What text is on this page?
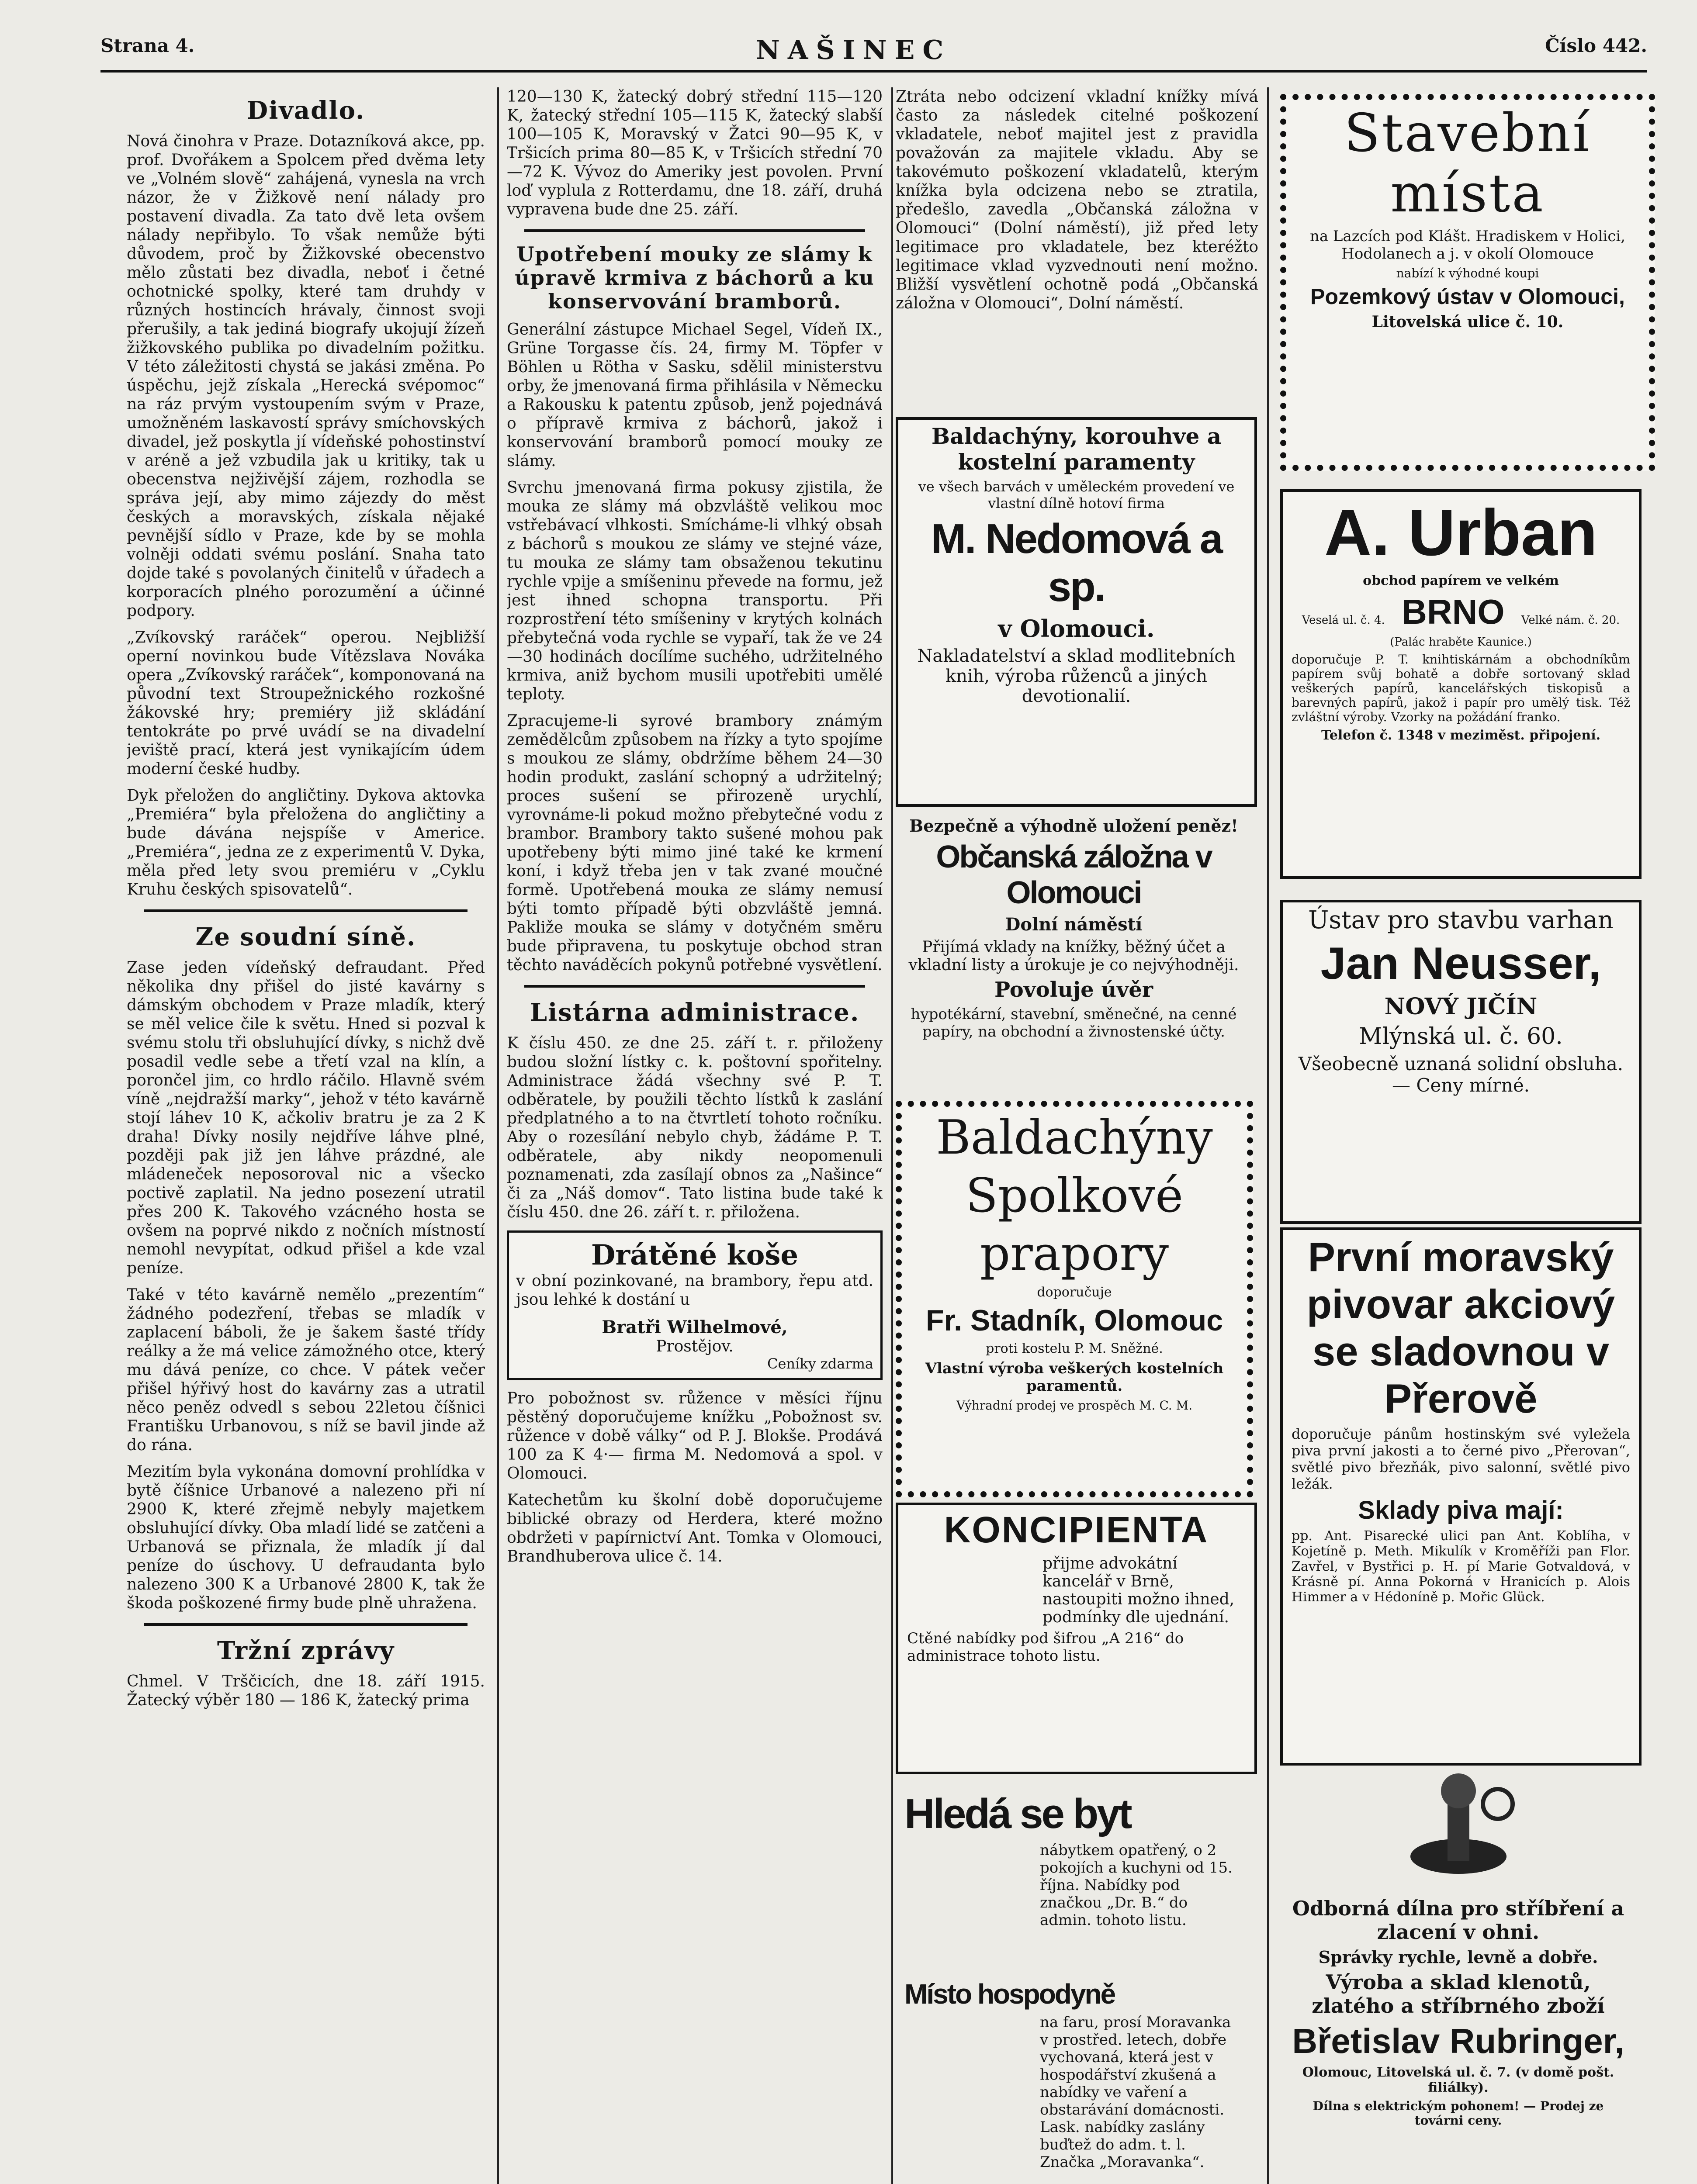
Strana 4.	NAŠINEC	Číslo 442.
Divadlo.

Nová činohra v Praze. Dotazníková akce, pp. prof. Dvořákem a Spolcem před dvěma lety ve „Volném slově“ zahájená, vynesla na vrch názor, že v Žižkově není nálady pro postavení divadla. Za tato dvě leta ovšem nálady nepřibylo. To však nemůže býti důvodem, proč by Žižkovské obecenstvo mělo zůstati bez divadla, neboť i četné ochotnické spolky, které tam druhdy v různých hostincích hrávaly, činnost svoji přerušily, a tak jediná biografy ukojují žízeň žižkovského publika po divadelním požitku. V této záležitosti chystá se jakási změna. Po úspěchu, jejž získala „Herecká svépomoc“ na ráz prvým vystoupením svým v Praze, umožněném laskavostí správy smíchovských divadel, jež poskytla jí vídeňské pohostinství v aréně a jež vzbudila jak u kritiky, tak u obecenstva nejživější zájem, rozhodla se správa její, aby mimo zájezdy do měst českých a moravských, získala nějaké pevnější sídlo v Praze, kde by se mohla volněji oddati svému poslání. Snaha tato dojde také s povolaných činitelů v úřadech a korporacích plného porozumění a účinné podpory.

„Zvíkovský raráček“ operou. Nejbližší operní novinkou bude Vítězslava Nováka opera „Zvíkovský raráček“, komponovaná na původní text Stroupežnického rozkošné žákovské hry; premiéry již skládání tentokráte po prvé uvádí se na divadelní jeviště prací, která jest vynikajícím údem moderní české hudby.

Dyk přeložen do angličtiny. Dykova aktovka „Premiéra“ byla přeložena do angličtiny a bude dávána nejspíše v Americe. „Premiéra“, jedna ze z experimentů V. Dyka, měla před lety svou premiéru v „Cyklu Kruhu českých spisovatelů“.

Ze soudní síně.

Zase jeden vídeňský defraudant. Před několika dny přišel do jisté kavárny s dámským obchodem v Praze mladík, který se měl velice čile k světu. Hned si pozval k svému stolu tři obsluhující dívky, s nichž dvě posadil vedle sebe a třetí vzal na klín, a porončel jim, co hrdlo ráčilo. Hlavně svém víně „nejdražší marky“, jehož v této kavárně stojí láhev 10 K, ačkoliv bratru je za 2 K draha! Dívky nosily nejdříve láhve plné, později pak již jen láhve prázdné, ale mládeneček neposoroval nic a všecko poctivě zaplatil. Na jedno posezení utratil přes 200 K. Takového vzácného hosta se ovšem na poprvé nikdo z nočních místností nemohl nevypítat, odkud přišel a kde vzal peníze.

Také v této kavárně nemělo „prezentím“ žádného podezření, třebas se mladík v zaplacení báboli, že je šakem šasté třídy reálky a že má velice zámožného otce, který mu dává peníze, co chce. V pátek večer přišel hýřivý host do kavárny zas a utratil něco peněz odvedl s sebou 22letou číšnici Františku Urbanovou, s níž se bavil jinde až do rána.

Mezitím byla vykonána domovní prohlídka v bytě číšnice Urbanové a nalezeno při ní 2900 K, které zřejmě nebyly majetkem obsluhující dívky. Oba mladí lidé se zatčeni a Urbanová se přiznala, že mladík jí dal peníze do úschovy. U defraudanta bylo nalezeno 300 K a Urbanové 2800 K, tak že škoda poškozené firmy bude plně uhražena.

Tržní zprávy

Chmel. V Trščicích, dne 18. září 1915. Žatecký výběr 180 — 186 K, žatecký prima

120—130 K, žatecký dobrý střední 115—120 K, žatecký střední 105—115 K, žatecký slabší 100—105 K, Moravský v Žatci 90—95 K, v Tršicích prima 80—85 K, v Tršicích střední 70—72 K. Vývoz do Ameriky jest povolen. První loď vyplula z Rotterdamu, dne 18. září, druhá vypravena bude dne 25. září.

Upotřebení mouky ze slámy k úpravě krmiva z báchorů a ku konservování bramborů.

Generální zástupce Michael Segel, Vídeň IX., Grüne Torgasse čís. 24, firmy M. Töpfer v Böhlen u Rötha v Sasku, sdělil ministerstvu orby, že jmenovaná firma přihlásila v Německu a Rakousku k patentu způsob, jenž pojednává o přípravě krmiva z báchorů, jakož i konservování bramborů pomocí mouky ze slámy.

Svrchu jmenovaná firma pokusy zjistila, že mouka ze slámy má obzvláště velikou moc vstřebávací vlhkosti. Smícháme-li vlhký obsah z báchorů s moukou ze slámy ve stejné váze, tu mouka ze slámy tam obsaženou tekutinu rychle vpije a smíšeninu převede na formu, jež jest ihned schopna transportu. Při rozprostření této smíšeniny v krytých kolnách přebytečná voda rychle se vypaří, tak že ve 24—30 hodinách docílíme suchého, udržitelného krmiva, aniž bychom musili upotřebiti umělé teploty.

Zpracujeme-li syrové brambory známým zemědělcům způsobem na řízky a tyto spojíme s moukou ze slámy, obdržíme během 24—30 hodin produkt, zaslání schopný a udržitelný; proces sušení se přirozeně urychlí, vyrovnáme-li pokud možno přebytečné vodu z brambor. Brambory takto sušené mohou pak upotřebeny býti mimo jiné také ke krmení koní, i když třeba jen v tak zvané moučné formě. Upotřebená mouka ze slámy nemusí býti tomto případě býti obzvláště jemná. Pakliže mouka se slámy v dotyčném směru bude připravena, tu poskytuje obchod stran těchto naváděcích pokynů potřebné vysvětlení.

Listárna administrace.

K číslu 450. ze dne 25. září t. r. přiloženy budou složní lístky c. k. poštovní spořitelny. Administrace žádá všechny své P. T. odběratele, by použili těchto lístků k zaslání předplatného a to na čtvrtletí tohoto ročníku. Aby o rozesílání nebylo chyb, žádáme P. T. odběratele, aby nikdy neopomenuli poznamenati, zda zasílají obnos za „Našince“ či za „Náš domov“. Tato listina bude také k číslu 450. dne 26. září t. r. přiložena.

Drátěné koše

v obní pozinkované, na brambory, řepu atd. jsou lehké k dostání u

Bratři Wilhelmové,
Prostějov.
Ceníky zdarma

Pro pobožnost sv. růžence v měsíci říjnu pěstěný doporučujeme knížku „Pobožnost sv. růžence v době války“ od P. J. Blokše. Prodává 100 za K 4·— firma M. Nedomová a spol. v Olomouci.

Katechetům ku školní době doporučujeme biblické obrazy od Herdera, které možno obdržeti v papírnictví Ant. Tomka v Olomouci, Brandhuberova ulice č. 14.

Ztráta nebo odcizení vkladní knížky mívá často za následek citelné poškození vkladatele, neboť majitel jest z pravidla považován za majitele vkladu. Aby se takovémuto poškození vkladatelů, kterým knížka byla odcizena nebo se ztratila, předešlo, zavedla „Občanská záložna v Olomouci“ (Dolní náměstí), již před lety legitimace pro vkladatele, bez kteréžto legitimace vklad vyzvednouti není možno. Bližší vysvětlení ochotně podá „Občanská záložna v Olomouci“, Dolní náměstí.

Baldachýny, korouhve a kostelní paramenty

ve všech barvách v uměleckém provedení ve vlastní dílně hotoví firma

M. Nedomová a sp.

v Olomouci.

Nakladatelství a sklad modlitebních knih, výroba růženců a jiných devotionalií.

Bezpečně a výhodně uložení peněz!

Občanská záložna v Olomouci

Dolní náměstí

Přijímá vklady na knížky, běžný účet a vkladní listy a úrokuje je co nejvýhodněji.

Povoluje úvěr

hypotékární, stavební, směnečné, na cenné papíry, na obchodní a živnostenské účty.

Baldachýny

Spolkové

prapory

doporučuje

Fr. Stadník, Olomouc

proti kostelu P. M. Sněžné.

Vlastní výroba veškerých kostelních paramentů.

Výhradní prodej ve prospěch M. C. M.

KONCIPIENTA

přijme advokátní kancelář v Brně, nastoupiti možno ihned, podmínky dle ujednání.

Ctěné nabídky pod šifrou „A 216“ do administrace tohoto listu.

Hledá se byt

nábytkem opatřený, o 2 pokojích a kuchyni od 15. října. Nabídky pod značkou „Dr. B.“ do admin. tohoto listu.

Místo hospodyně

na faru, prosí Moravanka v prostřed. letech, dobře vychovaná, která jest v hospodářství zkušená a nabídky ve vaření a obstarávání domácnosti. Lask. nabídky zaslány buďtež do adm. t. l. Značka „Moravanka“.

Stavební místa

na Lazcích pod Klášt. Hradiskem v Holici, Hodolanech a j. v okolí Olomouce

nabízí k výhodné koupi

Pozemkový ústav v Olomouci,

Litovelská ulice č. 10.

A. Urban

obchod papírem ve velkém

Veselá ul. č. 4. BRNO Velké nám. č. 20.

(Palác hraběte Kaunice.)

doporučuje P. T. knihtiskárnám a obchodníkům papírem svůj bohatě a dobře sortovaný sklad veškerých papírů, kancelářských tiskopisů a barevných papírů, jakož i papír pro umělý tisk. Též zvláštní výroby. Vzorky na požádání franko.

Telefon č. 1348 v meziměst. připojení.

Ústav pro stavbu varhan

Jan Neusser,

NOVÝ JIČÍN

Mlýnská ul. č. 60.

Všeobecně uznaná solidní obsluha. — Ceny mírné.

První moravský pivovar akciový se sladovnou v Přerově

doporučuje pánům hostinským své vyležela piva první jakosti a to černé pivo „Přerovan“, světlé pivo březňák, pivo salonní, světlé pivo ležák.

Sklady piva mají:

pp. Ant. Pisarecké ulici pan Ant. Koblíha, v Kojetíně p. Meth. Mikulík v Kroměříži pan Flor. Zavřel, v Bystřici p. H. pí Marie Gotvaldová, v Krásně pí. Anna Pokorná v Hranicích p. Alois Himmer a v Hédoníně p. Mořic Glück.

Odborná dílna pro stříbření a zlacení v ohni.

Správky rychle, levně a dobře.

Výroba a sklad klenotů, zlatého a stříbrného zboží

Břetislav Rubringer,

Olomouc, Litovelská ul. č. 7. (v domě pošt. filiálky).

Dílna s elektrickým pohonem! — Prodej ze továrni ceny.
